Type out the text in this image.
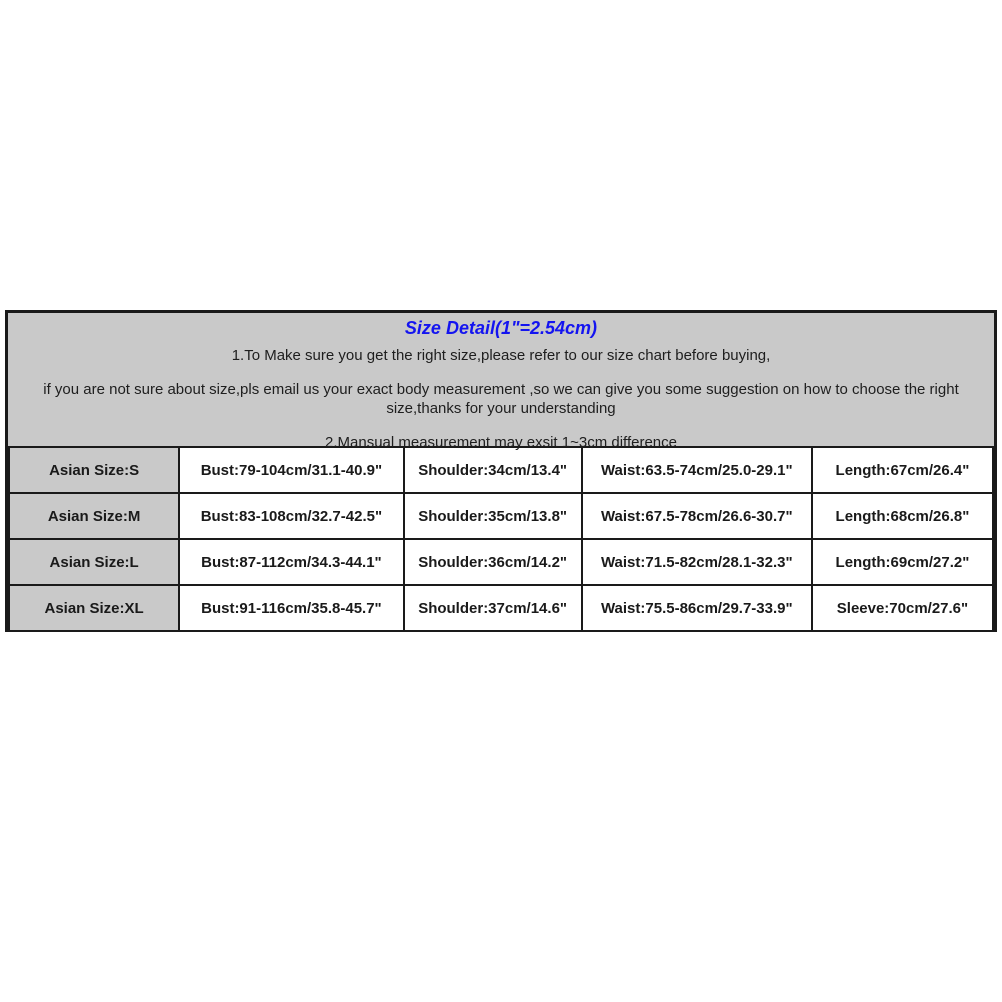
Size Detail(1"=2.54cm)
1.To Make sure you get the right size,please refer to our size chart before buying,
if you are not sure about size,pls email us your exact body measurement ,so we can give you some suggestion on how to choose the right size,thanks for your understanding
2.Mansual measurement may exsit 1~3cm difference
Asian Size:S	Bust:79-104cm/31.1-40.9"	Shoulder:34cm/13.4"	Waist:63.5-74cm/25.0-29.1"	Length:67cm/26.4"
Asian Size:M	Bust:83-108cm/32.7-42.5"	Shoulder:35cm/13.8"	Waist:67.5-78cm/26.6-30.7"	Length:68cm/26.8"
Asian Size:L	Bust:87-112cm/34.3-44.1"	Shoulder:36cm/14.2"	Waist:71.5-82cm/28.1-32.3"	Length:69cm/27.2"
Asian Size:XL	Bust:91-116cm/35.8-45.7"	Shoulder:37cm/14.6"	Waist:75.5-86cm/29.7-33.9"	Sleeve:70cm/27.6"
